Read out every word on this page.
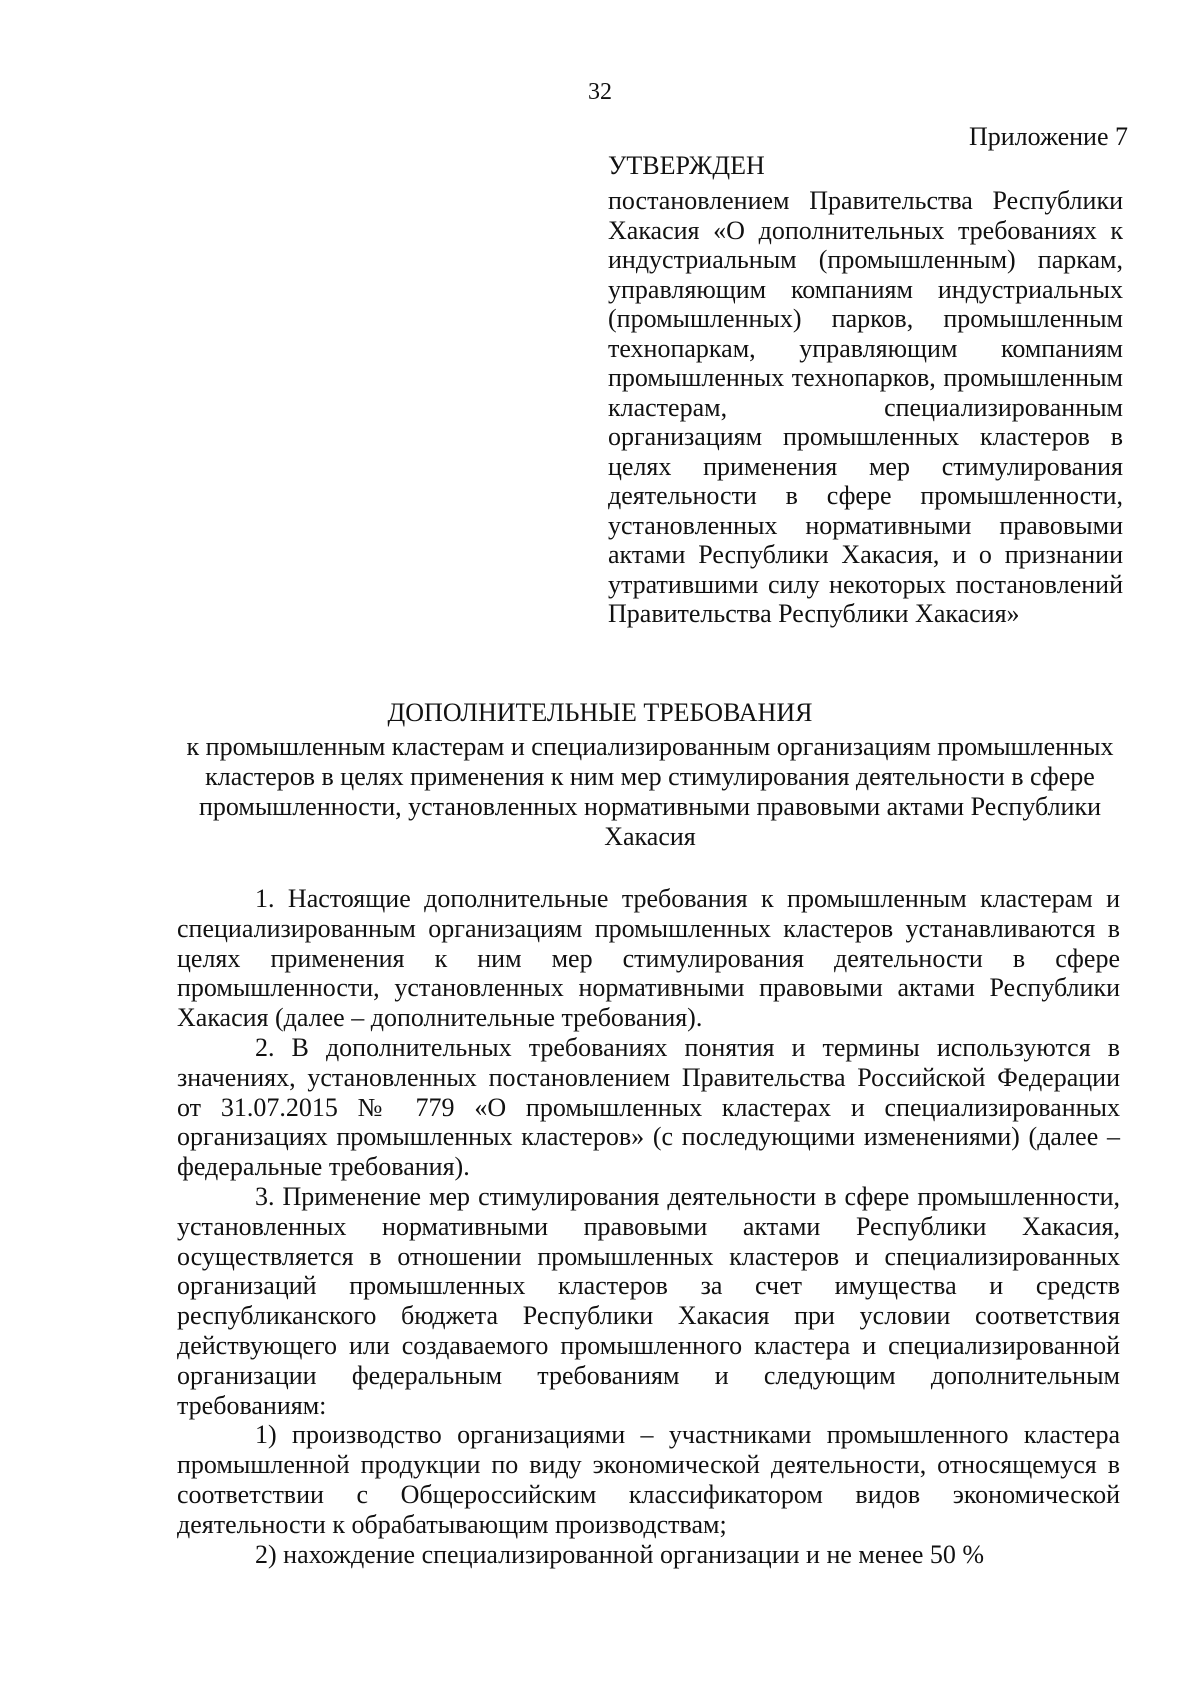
32
Приложение 7
УТВЕРЖДЕН

постановлением Правительства Республики Хакасия «О дополнительных требованиях к индустриальным (промышленным) паркам, управляющим компаниям индустриальных (промышленных) парков, промышленным технопаркам, управляющим компаниям промышленных технопарков, промышленным кластерам, специализированным организациям промышленных кластеров в целях применения мер стимулирования деятельности в сфере промышленности, установленных нормативными правовыми актами Республики Хакасия, и о признании утратившими силу некоторых постановлений Правительства Республики Хакасия»

ДОПОЛНИТЕЛЬНЫЕ ТРЕБОВАНИЯ

к промышленным кластерам и специализированным организациям промышленных кластеров в целях применения к ним мер стимулирования деятельности в сфере промышленности, установленных нормативными правовыми актами Республики Хакасия

1. Настоящие дополнительные требования к промышленным кластерам и специализированным организациям промышленных кластеров устанавливаются в целях применения к ним мер стимулирования деятельности в сфере промышленности, установленных нормативными правовыми актами Республики Хакасия (далее – дополнительные требования).

2. В дополнительных требованиях понятия и термины используются в значениях, установленных постановлением Правительства Российской Федерации от 31.07.2015 № 779 «О промышленных кластерах и специализированных организациях промышленных кластеров» (с последующими изменениями) (далее – федеральные требования).

3. Применение мер стимулирования деятельности в сфере промышленности, установленных нормативными правовыми актами Республики Хакасия, осуществляется в отношении промышленных кластеров и специализированных организаций промышленных кластеров за счет имущества и средств республиканского бюджета Республики Хакасия при условии соответствия действующего или создаваемого промышленного кластера и специализированной организации федеральным требованиям и следующим дополнительным требованиям:

1) производство организациями – участниками промышленного кластера промышленной продукции по виду экономической деятельности, относящемуся в соответствии с Общероссийским классификатором видов экономической деятельности к обрабатывающим производствам;

2) нахождение специализированной организации и не менее 50 %
